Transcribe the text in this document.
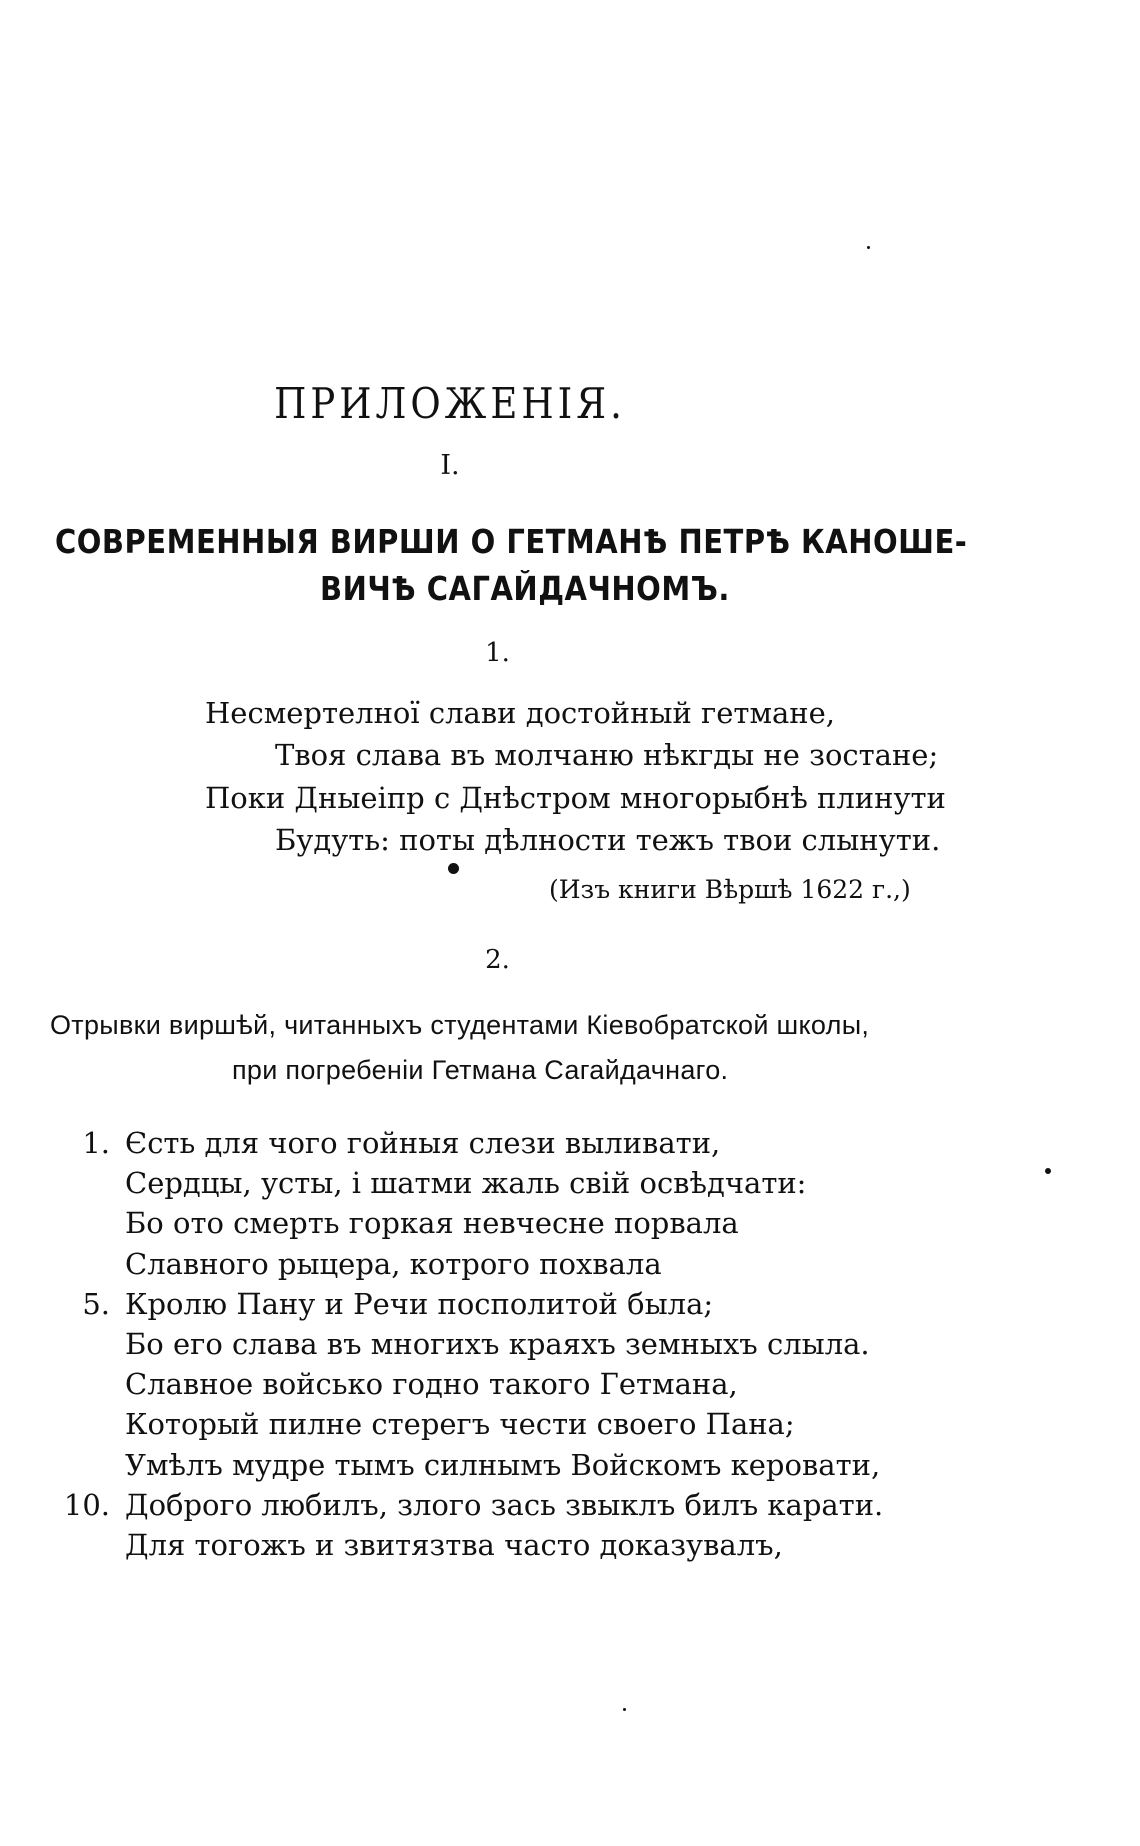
ПРИЛОЖЕНІЯ.
I.
СОВРЕМЕННЫЯ ВИРШИ О ГЕТМАНѢ ПЕТРѢ КАНОШЕ-
ВИЧѢ САГАЙДАЧНОМЪ.
1.
Несмертелноï слави достойный гетмане,
Твоя слава въ молчаню нѣкгды не зостане;
Поки Дныеіпр с Днѣстром многорыбнѣ плинути
Будуть: поты дѣлности тежъ твои слынути.
(Изъ книги Вѣршѣ 1622 г.,)
2.
Отрывки виршѣй, читанныхъ студентами Кіевобратской школы,
при погребеніи Гетмана Сагайдачнаго.
1. Єсть для чого гойныя слези выливати,
Сердцы, усты, і шатми жаль свій освѣдчати:
Бо ото смерть горкая невчесне порвала
Славного рыцера, котрого похвала
5. Кролю Пану и Речи посполитой была;
Бо его слава въ многихъ краяхъ земныхъ слыла.
Славное войсько годно такого Гетмана,
Который пилне стерегъ чести своего Пана;
Умѣлъ мудре тымъ силнымъ Войскомъ керовати,
10. Доброго любилъ, злого зась звыклъ билъ карати.
Для тогожъ и звитязтва часто доказувалъ,
